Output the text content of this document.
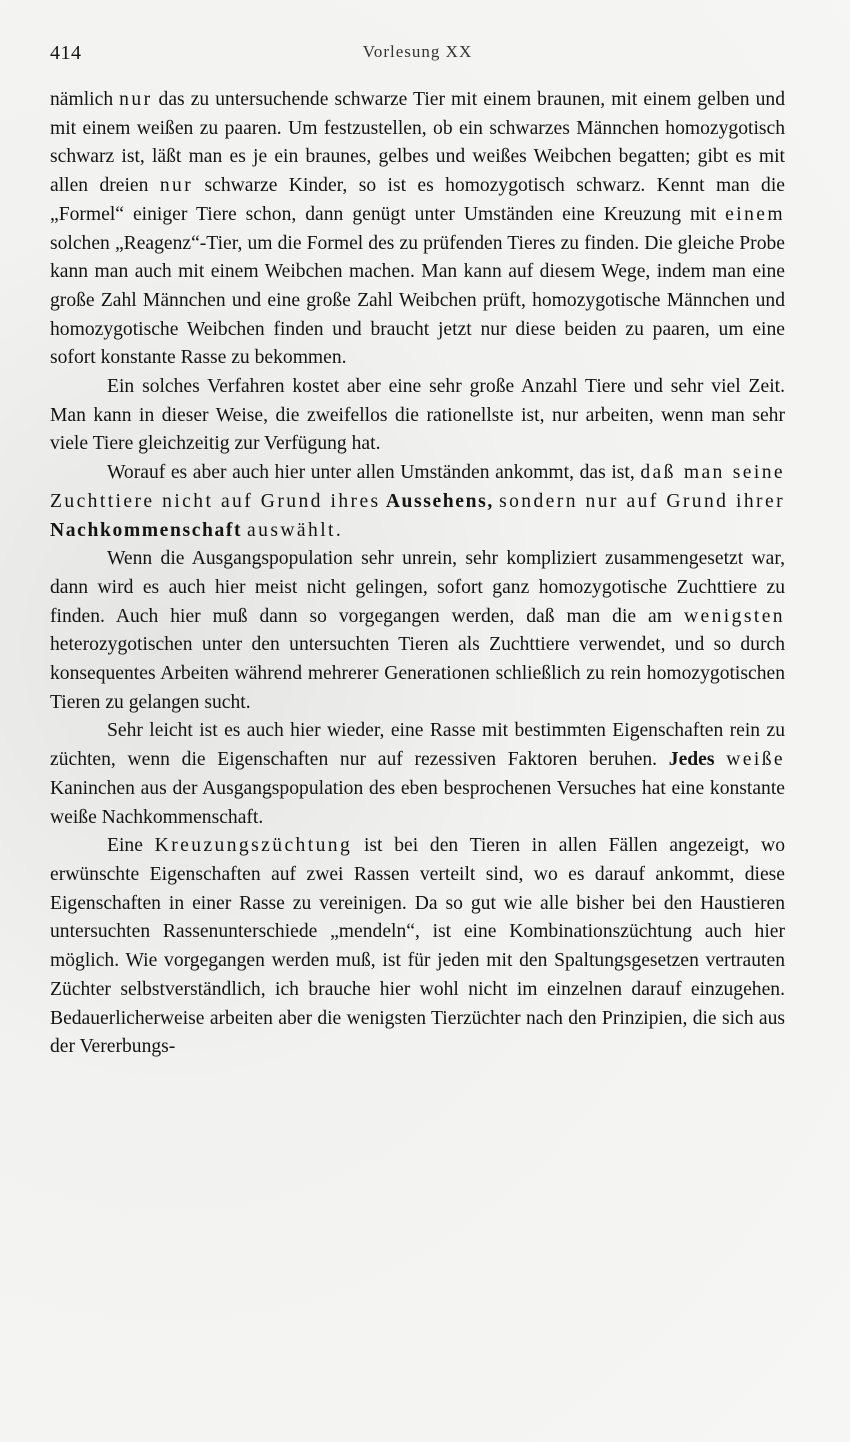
414	Vorlesung XX

nämlich nur das zu untersuchende schwarze Tier mit einem braunen, mit einem gelben und mit einem weißen zu paaren. Um festzustellen, ob ein schwarzes Männchen homozygotisch schwarz ist, läßt man es je ein braunes, gelbes und weißes Weibchen begatten; gibt es mit allen dreien nur schwarze Kinder, so ist es homozygotisch schwarz. Kennt man die „Formel“ einiger Tiere schon, dann genügt unter Umständen eine Kreuzung mit einem solchen „Reagenz“-Tier, um die Formel des zu prüfenden Tieres zu finden. Die gleiche Probe kann man auch mit einem Weibchen machen. Man kann auf diesem Wege, indem man eine große Zahl Männchen und eine große Zahl Weibchen prüft, homozygotische Männchen und homozygotische Weibchen finden und braucht jetzt nur diese beiden zu paaren, um eine sofort konstante Rasse zu bekommen.

Ein solches Verfahren kostet aber eine sehr große Anzahl Tiere und sehr viel Zeit. Man kann in dieser Weise, die zweifellos die rationellste ist, nur arbeiten, wenn man sehr viele Tiere gleichzeitig zur Verfügung hat.

Worauf es aber auch hier unter allen Umständen ankommt, das ist, daß man seine Zuchttiere nicht auf Grund ihres Aussehens, sondern nur auf Grund ihrer Nachkommenschaft auswählt.

Wenn die Ausgangspopulation sehr unrein, sehr kompliziert zusammengesetzt war, dann wird es auch hier meist nicht gelingen, sofort ganz homozygotische Zuchttiere zu finden. Auch hier muß dann so vorgegangen werden, daß man die am wenigsten heterozygotischen unter den untersuchten Tieren als Zuchttiere verwendet, und so durch konsequentes Arbeiten während mehrerer Generationen schließlich zu rein homozygotischen Tieren zu gelangen sucht.

Sehr leicht ist es auch hier wieder, eine Rasse mit bestimmten Eigenschaften rein zu züchten, wenn die Eigenschaften nur auf rezessiven Faktoren beruhen. Jedes weiße Kaninchen aus der Ausgangspopulation des eben besprochenen Versuches hat eine konstante weiße Nachkommenschaft.

Eine Kreuzungszüchtung ist bei den Tieren in allen Fällen angezeigt, wo erwünschte Eigenschaften auf zwei Rassen verteilt sind, wo es darauf ankommt, diese Eigenschaften in einer Rasse zu vereinigen. Da so gut wie alle bisher bei den Haustieren untersuchten Rassenunterschiede „mendeln“, ist eine Kombinationszüchtung auch hier möglich. Wie vorgegangen werden muß, ist für jeden mit den Spaltungsgesetzen vertrauten Züchter selbstverständlich, ich brauche hier wohl nicht im einzelnen darauf einzugehen. Bedauerlicherweise arbeiten aber die wenigsten Tierzüchter nach den Prinzipien, die sich aus der Vererbungs-
